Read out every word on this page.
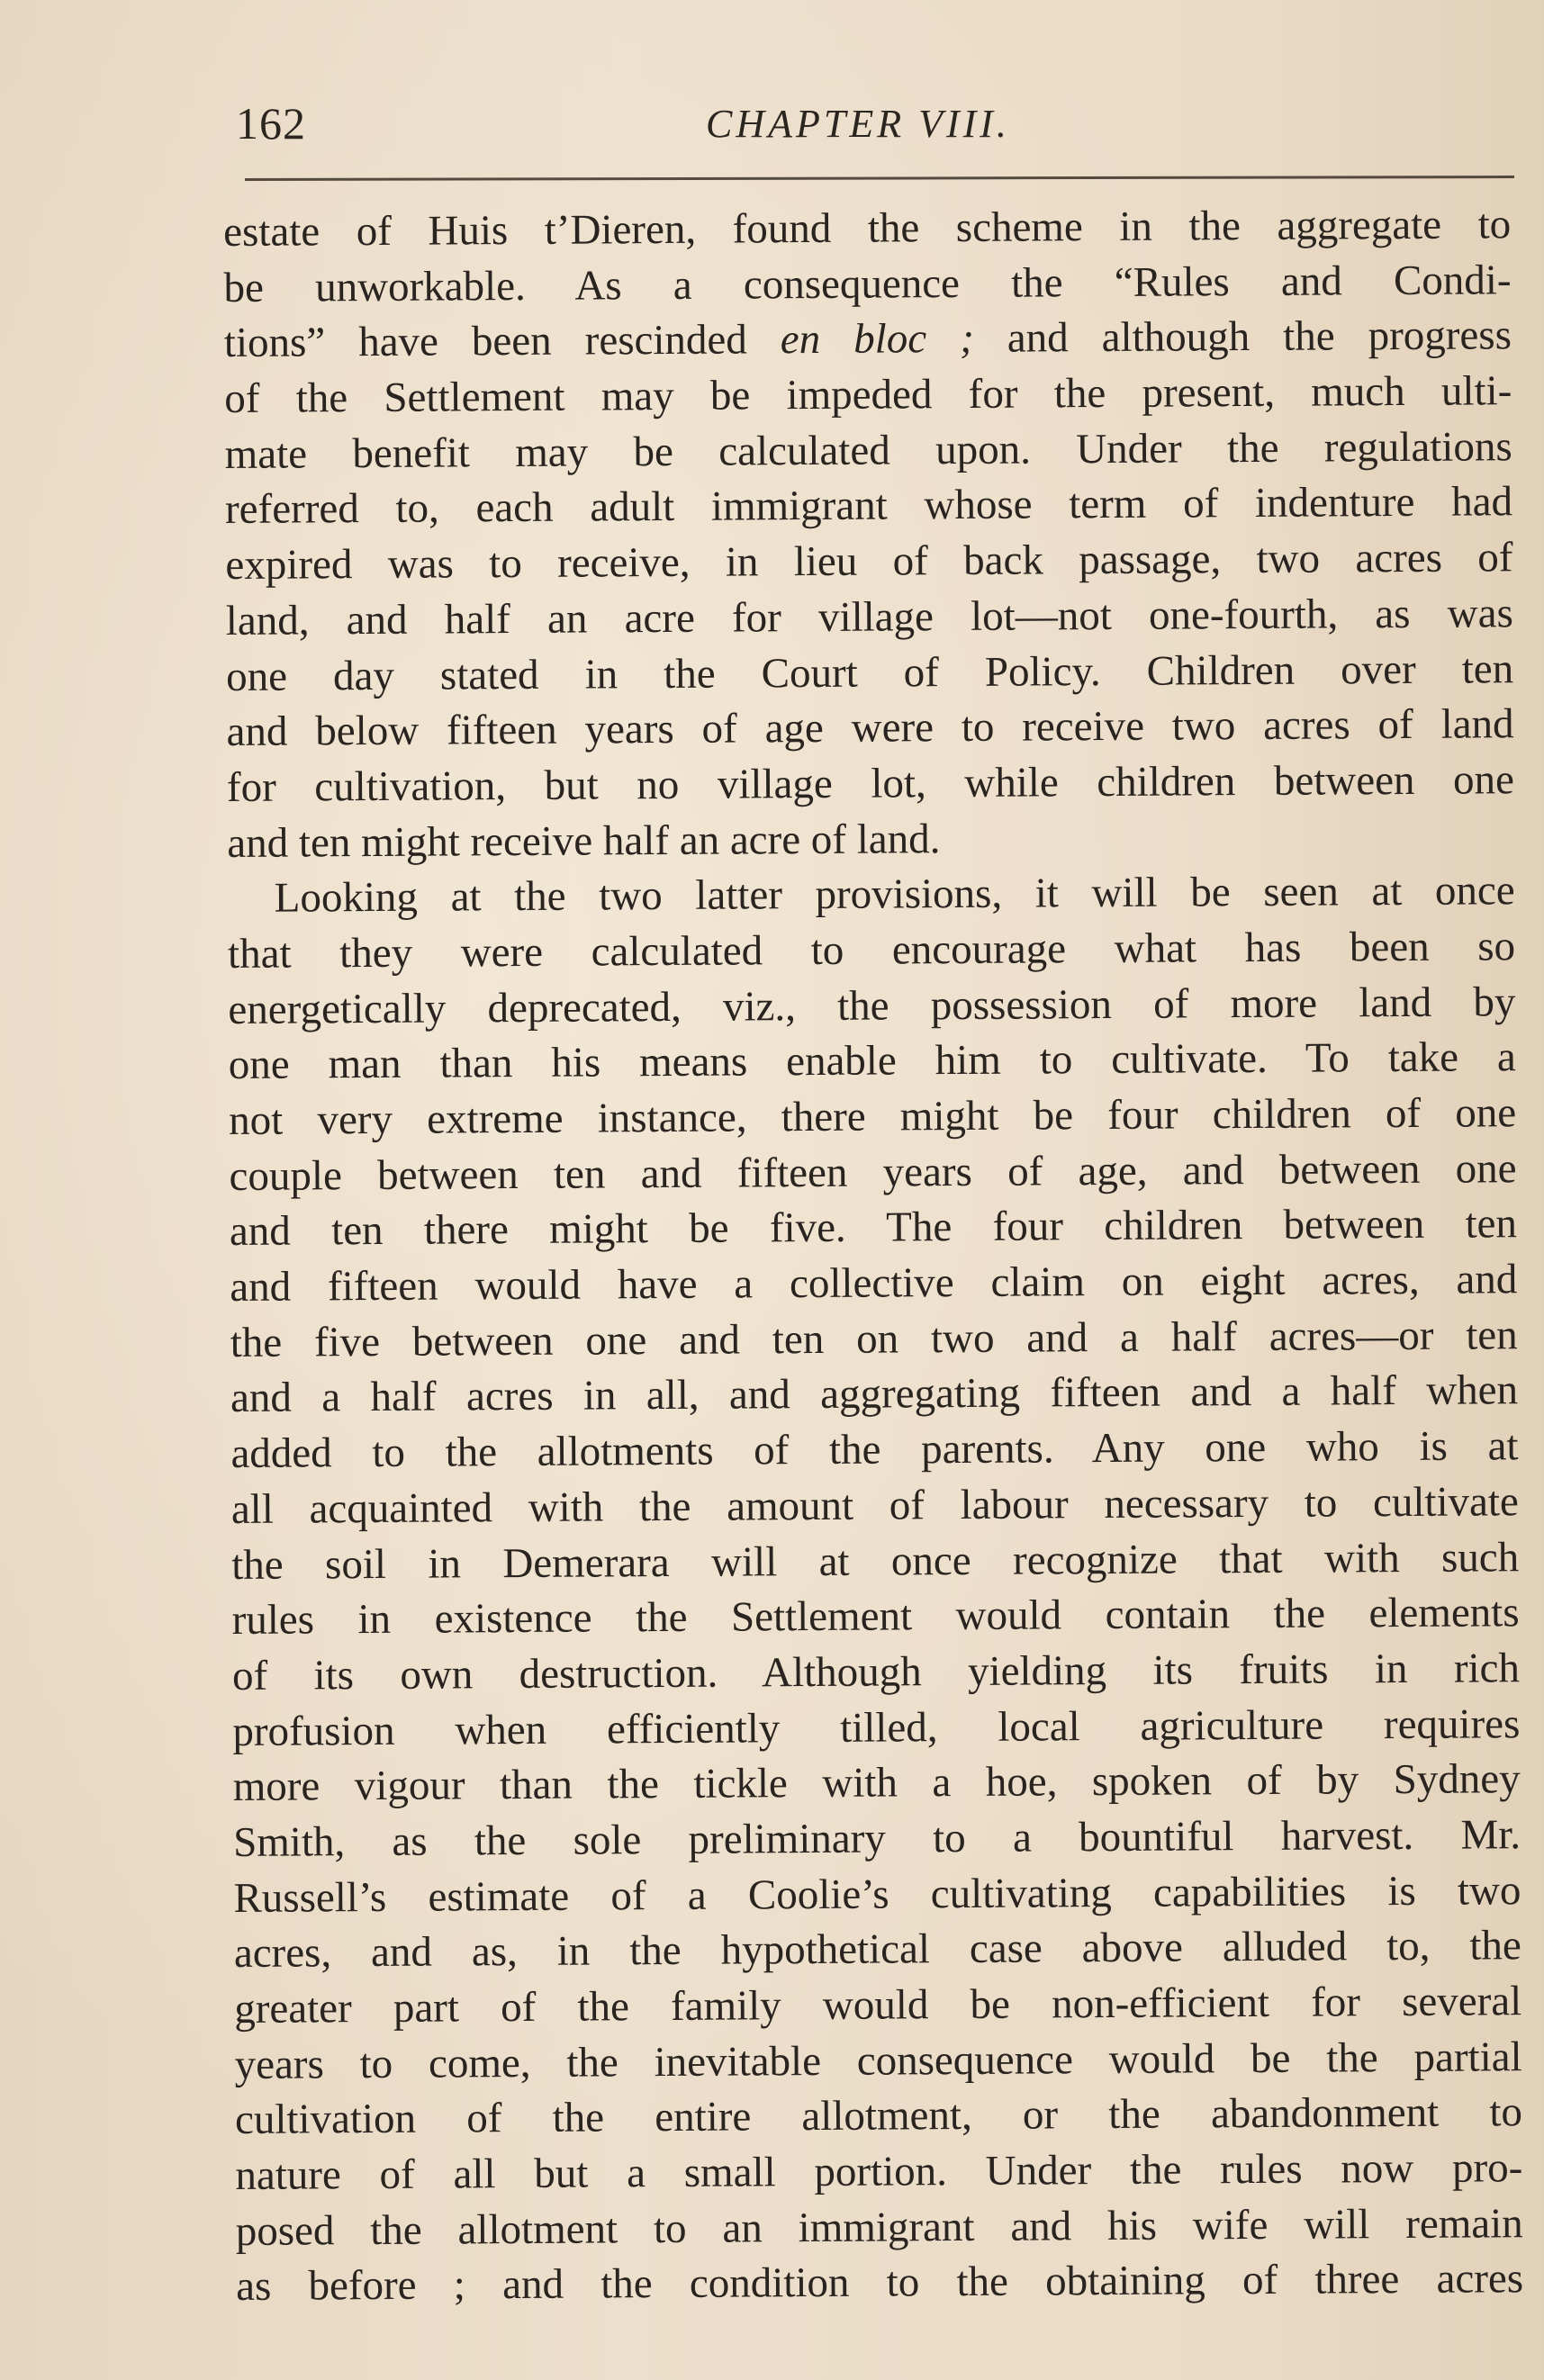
162	CHAPTER VIII.
estate of Huis t’Dieren, found the scheme in the aggregate to
be unworkable. As a consequence the “Rules and Condi-
tions” have been rescinded en bloc ; and although the progress
of the Settlement may be impeded for the present, much ulti-
mate benefit may be calculated upon. Under the regulations
referred to, each adult immigrant whose term of indenture had
expired was to receive, in lieu of back passage, two acres of
land, and half an acre for village lot—not one-fourth, as was
one day stated in the Court of Policy. Children over ten
and below fifteen years of age were to receive two acres of land
for cultivation, but no village lot, while children between one
and ten might receive half an acre of land.
Looking at the two latter provisions, it will be seen at once
that they were calculated to encourage what has been so
energetically deprecated, viz., the possession of more land by
one man than his means enable him to cultivate. To take a
not very extreme instance, there might be four children of one
couple between ten and fifteen years of age, and between one
and ten there might be five. The four children between ten
and fifteen would have a collective claim on eight acres, and
the five between one and ten on two and a half acres—or ten
and a half acres in all, and aggregating fifteen and a half when
added to the allotments of the parents. Any one who is at
all acquainted with the amount of labour necessary to cultivate
the soil in Demerara will at once recognize that with such
rules in existence the Settlement would contain the elements
of its own destruction. Although yielding its fruits in rich
profusion when efficiently tilled, local agriculture requires
more vigour than the tickle with a hoe, spoken of by Sydney
Smith, as the sole preliminary to a bountiful harvest. Mr.
Russell’s estimate of a Coolie’s cultivating capabilities is two
acres, and as, in the hypothetical case above alluded to, the
greater part of the family would be non-efficient for several
years to come, the inevitable consequence would be the partial
cultivation of the entire allotment, or the abandonment to
nature of all but a small portion. Under the rules now pro-
posed the allotment to an immigrant and his wife will remain
as before ; and the condition to the obtaining of three acres
